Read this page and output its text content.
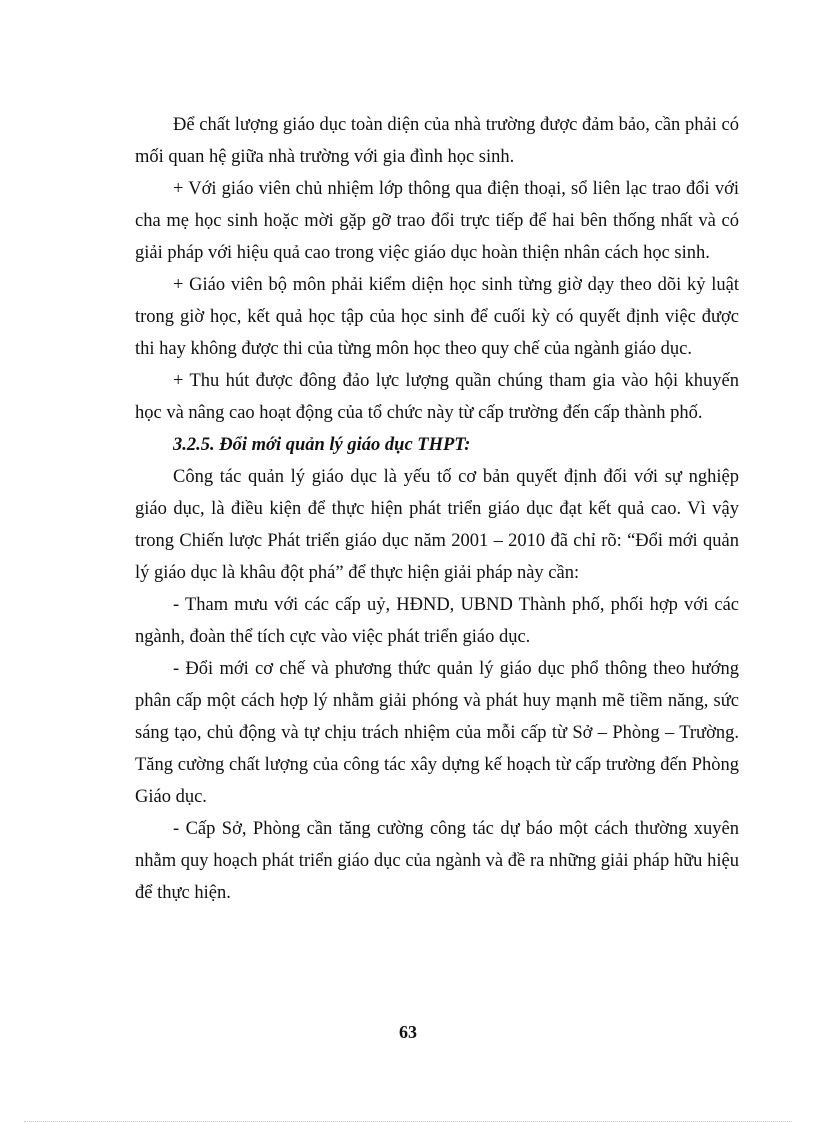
Để chất lượng giáo dục toàn diện của nhà trường được đảm bảo, cần phải có mối quan hệ giữa nhà trường với gia đình học sinh.

+ Với giáo viên chủ nhiệm lớp thông qua điện thoại, sổ liên lạc trao đổi với cha mẹ học sinh hoặc mời gặp gỡ trao đổi trực tiếp để hai bên thống nhất và có giải pháp với hiệu quả cao trong việc giáo dục hoàn thiện nhân cách học sinh.

+ Giáo viên bộ môn phải kiểm diện học sinh từng giờ dạy theo dõi kỷ luật trong giờ học, kết quả học tập của học sinh để cuối kỳ có quyết định việc được thi hay không được thi của từng môn học theo quy chế của ngành giáo dục.

+ Thu hút được đông đảo lực lượng quần chúng tham gia vào hội khuyến học và nâng cao hoạt động của tổ chức này từ cấp trường đến cấp thành phố.

3.2.5. Đổi mới quản lý giáo dục THPT:

Công tác quản lý giáo dục là yếu tố cơ bản quyết định đối với sự nghiệp giáo dục, là điều kiện để thực hiện phát triển giáo dục đạt kết quả cao. Vì vậy trong Chiến lược Phát triển giáo dục năm 2001 – 2010 đã chỉ rõ: “Đổi mới quản lý giáo dục là khâu đột phá” để thực hiện giải pháp này cần:

- Tham mưu với các cấp uỷ, HĐND, UBND Thành phố, phối hợp với các ngành, đoàn thể tích cực vào việc phát triển giáo dục.

- Đổi mới cơ chế và phương thức quản lý giáo dục phổ thông theo hướng phân cấp một cách hợp lý nhằm giải phóng và phát huy mạnh mẽ tiềm năng, sức sáng tạo, chủ động và tự chịu trách nhiệm của mỗi cấp từ Sở – Phòng – Trường. Tăng cường chất lượng của công tác xây dựng kế hoạch từ cấp trường đến Phòng Giáo dục.

- Cấp Sở, Phòng cần tăng cường công tác dự báo một cách thường xuyên nhằm quy hoạch phát triển giáo dục của ngành và đề ra những giải pháp hữu hiệu để thực hiện.

63
